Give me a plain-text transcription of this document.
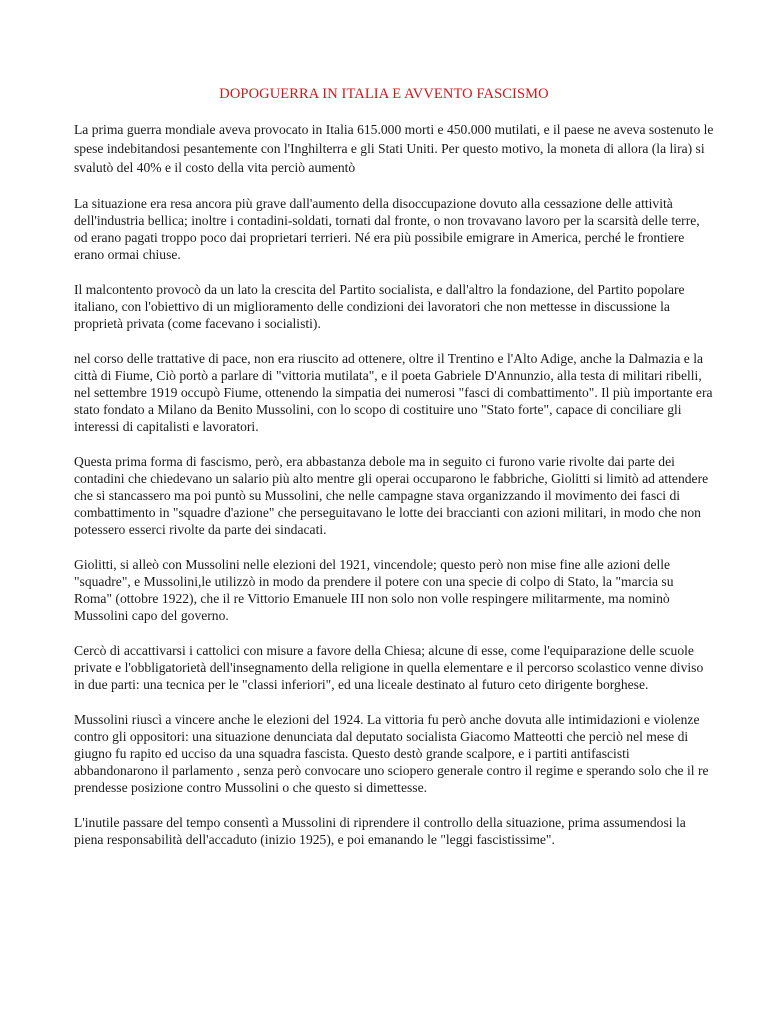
DOPOGUERRA IN ITALIA E AVVENTO FASCISMO

La prima guerra mondiale aveva provocato in Italia 615.000 morti e 450.000 mutilati, e il paese ne aveva sostenuto le spese indebitandosi pesantemente con l'Inghilterra e gli Stati Uniti. Per questo motivo, la moneta di allora (la lira) si svalutò del 40% e il costo della vita perciò aumentò

La situazione era resa ancora più grave dall'aumento della disoccupazione dovuto alla cessazione delle attività dell'industria bellica; inoltre i contadini-soldati, tornati dal fronte, o non trovavano lavoro per la scarsità delle terre, od erano pagati troppo poco dai proprietari terrieri. Né era più possibile emigrare in America, perché le frontiere erano ormai chiuse.

Il malcontento provocò da un lato la crescita del Partito socialista, e dall'altro la fondazione, del Partito popolare italiano, con l'obiettivo di un miglioramento delle condizioni dei lavoratori che non mettesse in discussione la proprietà privata (come facevano i socialisti).

nel corso delle trattative di pace, non era riuscito ad ottenere, oltre il Trentino e l'Alto Adige, anche la Dalmazia e la città di Fiume, Ciò portò a parlare di "vittoria mutilata", e il poeta Gabriele D'Annunzio, alla testa di militari ribelli, nel settembre 1919 occupò Fiume, ottenendo la simpatia dei numerosi "fasci di combattimento". Il più importante era stato fondato a Milano da Benito Mussolini, con lo scopo di costituire uno "Stato forte", capace di conciliare gli interessi di capitalisti e lavoratori.

Questa prima forma di fascismo, però, era abbastanza debole ma in seguito ci furono varie rivolte dai parte dei contadini che chiedevano un salario più alto mentre gli operai occuparono le fabbriche, Giolitti si limitò ad attendere che si stancassero ma poi puntò su Mussolini, che nelle campagne stava organizzando il movimento dei fasci di combattimento in "squadre d'azione" che perseguitavano le lotte dei braccianti con azioni militari, in modo che non potessero esserci rivolte da parte dei sindacati.

Giolitti, si alleò con Mussolini nelle elezioni del 1921, vincendole; questo però non mise fine alle azioni delle "squadre", e Mussolini,le utilizzò in modo da prendere il potere con una specie di colpo di Stato, la "marcia su Roma" (ottobre 1922), che il re Vittorio Emanuele III non solo non volle respingere militarmente, ma nominò Mussolini capo del governo.

Cercò di accattivarsi i cattolici con misure a favore della Chiesa; alcune di esse, come l'equiparazione delle scuole private e l'obbligatorietà dell'insegnamento della religione in quella elementare e il percorso scolastico venne diviso in due parti: una tecnica per le "classi inferiori", ed una liceale destinato al futuro ceto dirigente borghese.

Mussolini riuscì a vincere anche le elezioni del 1924. La vittoria fu però anche dovuta alle intimidazioni e violenze contro gli oppositori: una situazione denunciata dal deputato socialista Giacomo Matteotti che perciò nel mese di giugno fu rapito ed ucciso da una squadra fascista. Questo destò grande scalpore, e i partiti antifascisti abbandonarono il parlamento , senza però convocare uno sciopero generale contro il regime e sperando solo che il re prendesse posizione contro Mussolini o che questo si dimettesse.

L'inutile passare del tempo consentì a Mussolini di riprendere il controllo della situazione, prima assumendosi la piena responsabilità dell'accaduto (inizio 1925), e poi emanando le "leggi fascistissime".
